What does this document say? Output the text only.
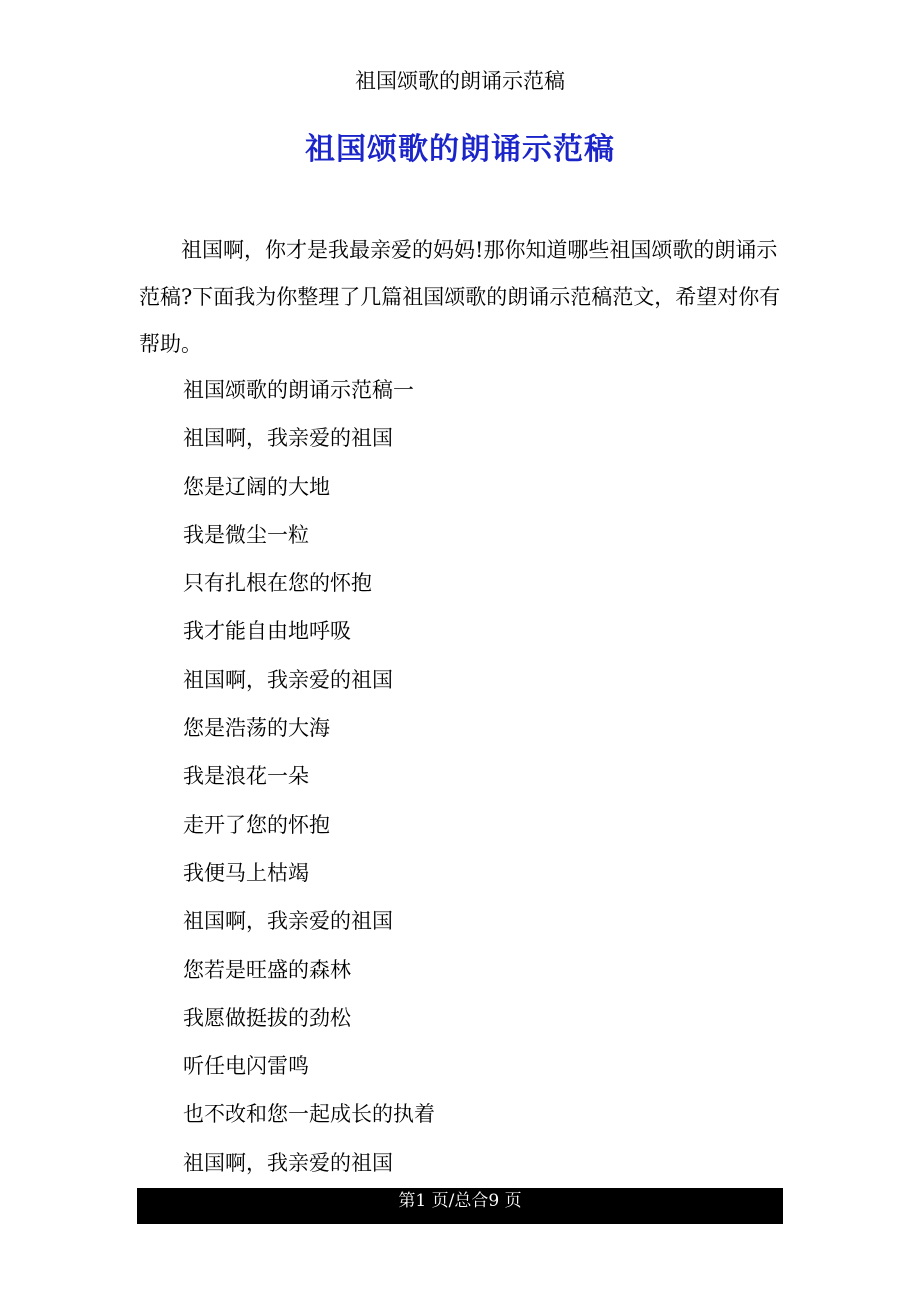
祖国颂歌的朗诵示范稿
祖国颂歌的朗诵示范稿

祖国啊，你才是我最亲爱的妈妈!那你知道哪些祖国颂歌的朗诵示范稿?下面我为你整理了几篇祖国颂歌的朗诵示范稿范文，希望对你有帮助。

祖国颂歌的朗诵示范稿一
祖国啊，我亲爱的祖国
您是辽阔的大地
我是微尘一粒
只有扎根在您的怀抱
我才能自由地呼吸
祖国啊，我亲爱的祖国
您是浩荡的大海
我是浪花一朵
走开了您的怀抱
我便马上枯竭
祖国啊，我亲爱的祖国
您若是旺盛的森林
我愿做挺拔的劲松
听任电闪雷鸣
也不改和您一起成长的执着
祖国啊，我亲爱的祖国
第1 页/总合9 页
